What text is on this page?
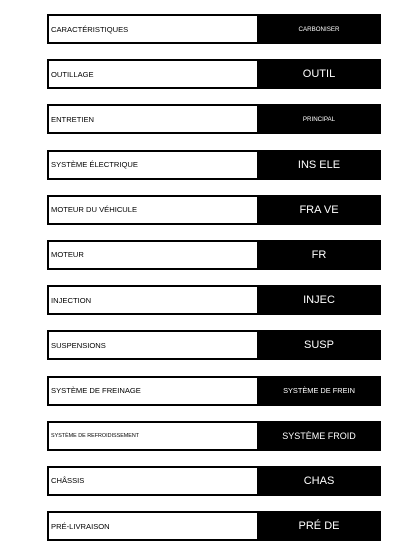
CARACTÉRISTIQUES	CARBONISER
OUTILLAGE	OUTIL
ENTRETIEN	PRINCIPAL
SYSTÈME ÉLECTRIQUE	INS ELE
MOTEUR DU VÉHICULE	FRA VE
MOTEUR	FR
INJECTION	INJEC
SUSPENSIONS	SUSP
SYSTÈME DE FREINAGE	SYSTÈME DE FREIN
SYSTÈME DE REFROIDISSEMENT	SYSTÈME FROID
CHÂSSIS	CHAS
PRÉ-LIVRAISON	PRÉ DE
